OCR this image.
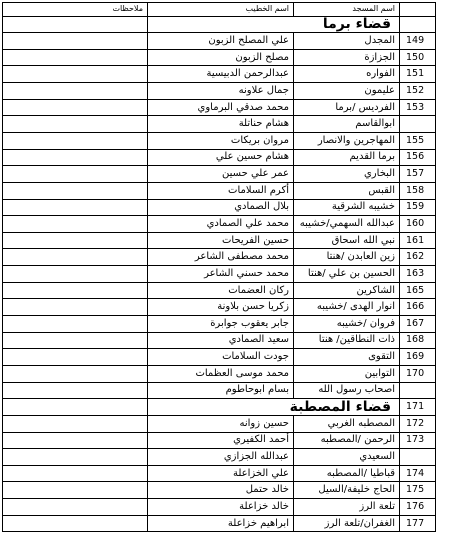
	اسم المسجد	اسم الخطيب	ملاحظات
	قضاء برما		
149	المجدل	علي المصلح الزبون	
150	الجزازة	مصلح الزبون	
151	الفواره	عبدالرحمن الدبيسية	
152	عليمون	جمال علاونه	
153	الفرديس /برما	محمد صدقي البرماوي	
	ابوالقاسم	هشام حناتلة	
155	المهاجرين والانصار	مروان بريكات	
156	برما القديم	هشام حسين علي	
157	البخاري	عمر علي حسين	
158	القبس	أكرم السلامات	
159	خشيبه الشرقية	بلال الصمادي	
160	عبدالله السهمي/خشيبه	محمد علي الصمادي	
161	نبي الله اسحاق	حسين الفريحات	
162	زين العابدن /هنتا	محمد مصطفى الشاعر	
163	الحسين بن علي /هنتا	محمد حسني الشاعر	
165	الشاكرين	ركان العضمات	
166	انوار الهدى /خشيبه	زكريا حسن بلاونة	
167	فروان /خشيبه	جابر يعقوب جوابرة	
168	ذات النطاقين/ هنتا	سعيد الصمادي	
169	التقوى	جودت السلامات	
170	التوابين	محمد موسى العظمات	
	اصحاب رسول الله	بسام ابوحاطوم	
171	قضاء المصطبة		
172	المصطبه الغربي	حسين زوانه	
173	الرحمن /المصطبه	أحمد الكفيري	
	السعيدي	عبدالله الجزازي	
174	قباطيا /المصطبه	علي الخزاعلة	
175	الحاج خليفة/السيل	خالد حتمل	
176	تلعة الرز	خالد خزاعلة	
177	الغفران/تلعة الرز	ابراهيم خزاعلة	
